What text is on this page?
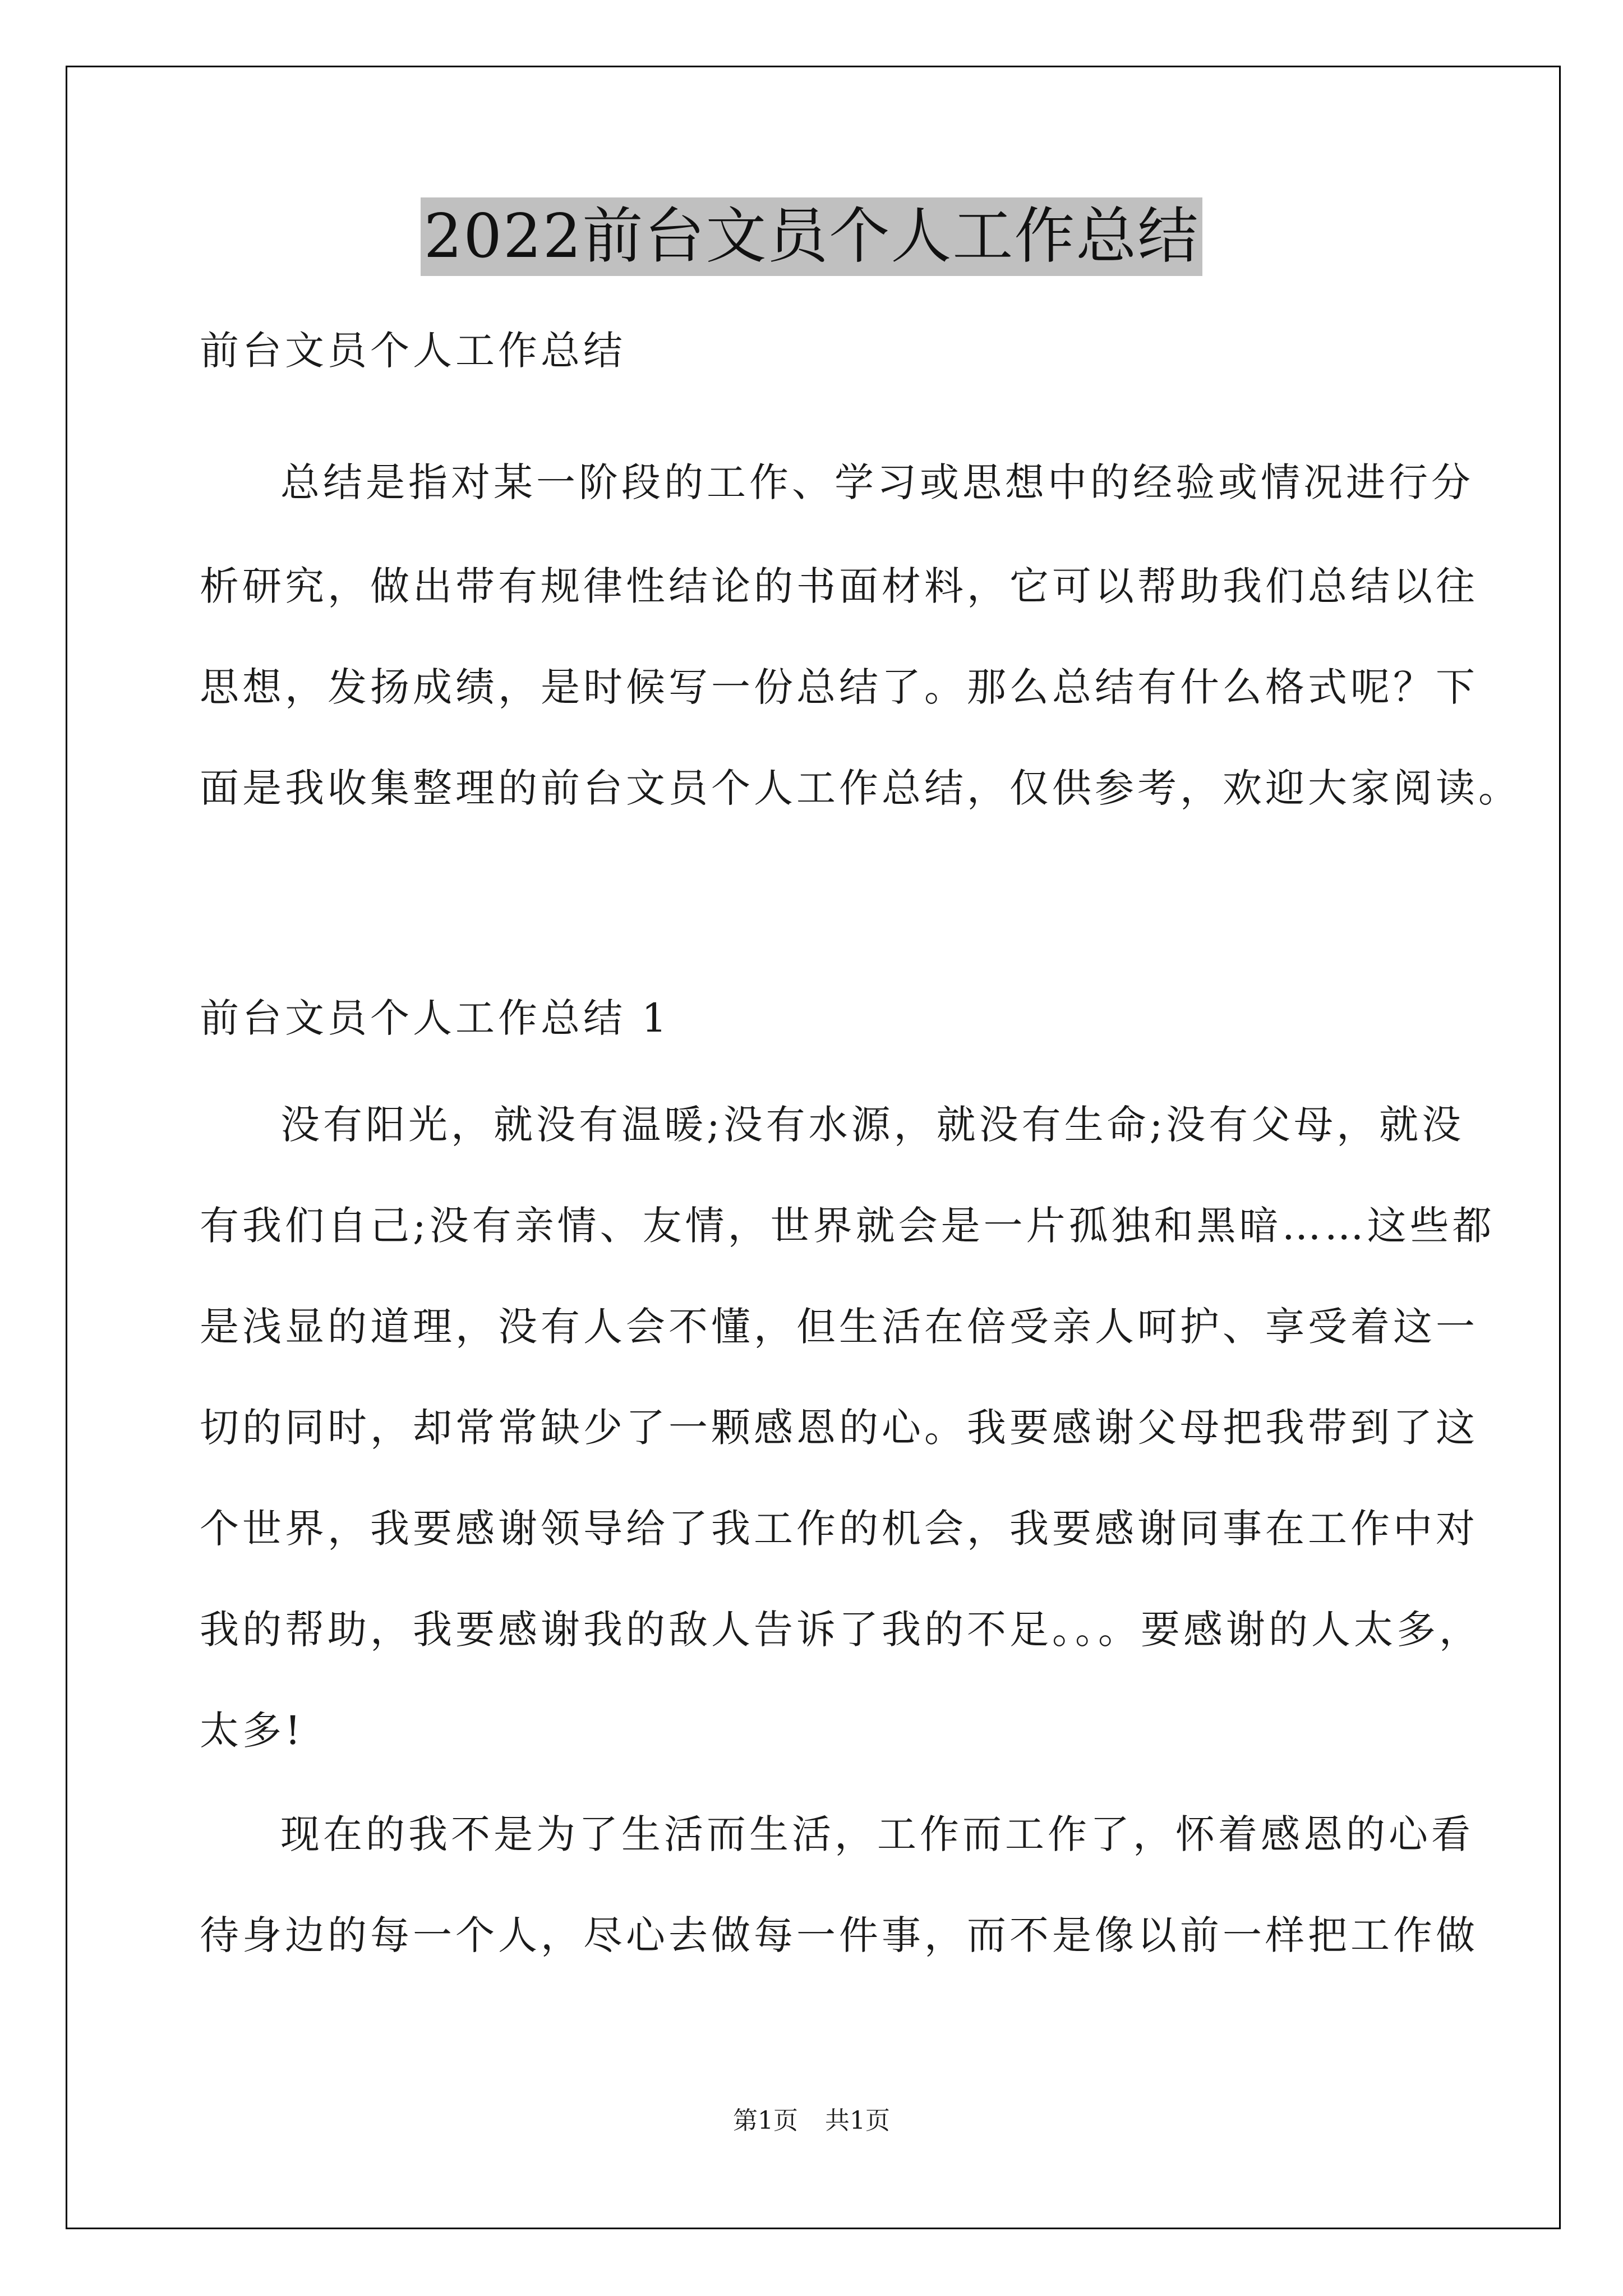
2022前台文员个人工作总结
前台文员个人工作总结
总结是指对某一阶段的工作、学习或思想中的经验或情况进行分
析研究，做出带有规律性结论的书面材料，它可以帮助我们总结以往
思想，发扬成绩，是时候写一份总结了。那么总结有什么格式呢？下
面是我收集整理的前台文员个人工作总结，仅供参考，欢迎大家阅读。
前台文员个人工作总结 1
没有阳光，就没有温暖;没有水源，就没有生命;没有父母，就没
有我们自己;没有亲情、友情，世界就会是一片孤独和黑暗……这些都
是浅显的道理，没有人会不懂，但生活在倍受亲人呵护、享受着这一
切的同时，却常常缺少了一颗感恩的心。我要感谢父母把我带到了这
个世界，我要感谢领导给了我工作的机会，我要感谢同事在工作中对
我的帮助，我要感谢我的敌人告诉了我的不足。。。要感谢的人太多，
太多!
现在的我不是为了生活而生活，工作而工作了，怀着感恩的心看
待身边的每一个人，尽心去做每一件事，而不是像以前一样把工作做
第1页 共1页
